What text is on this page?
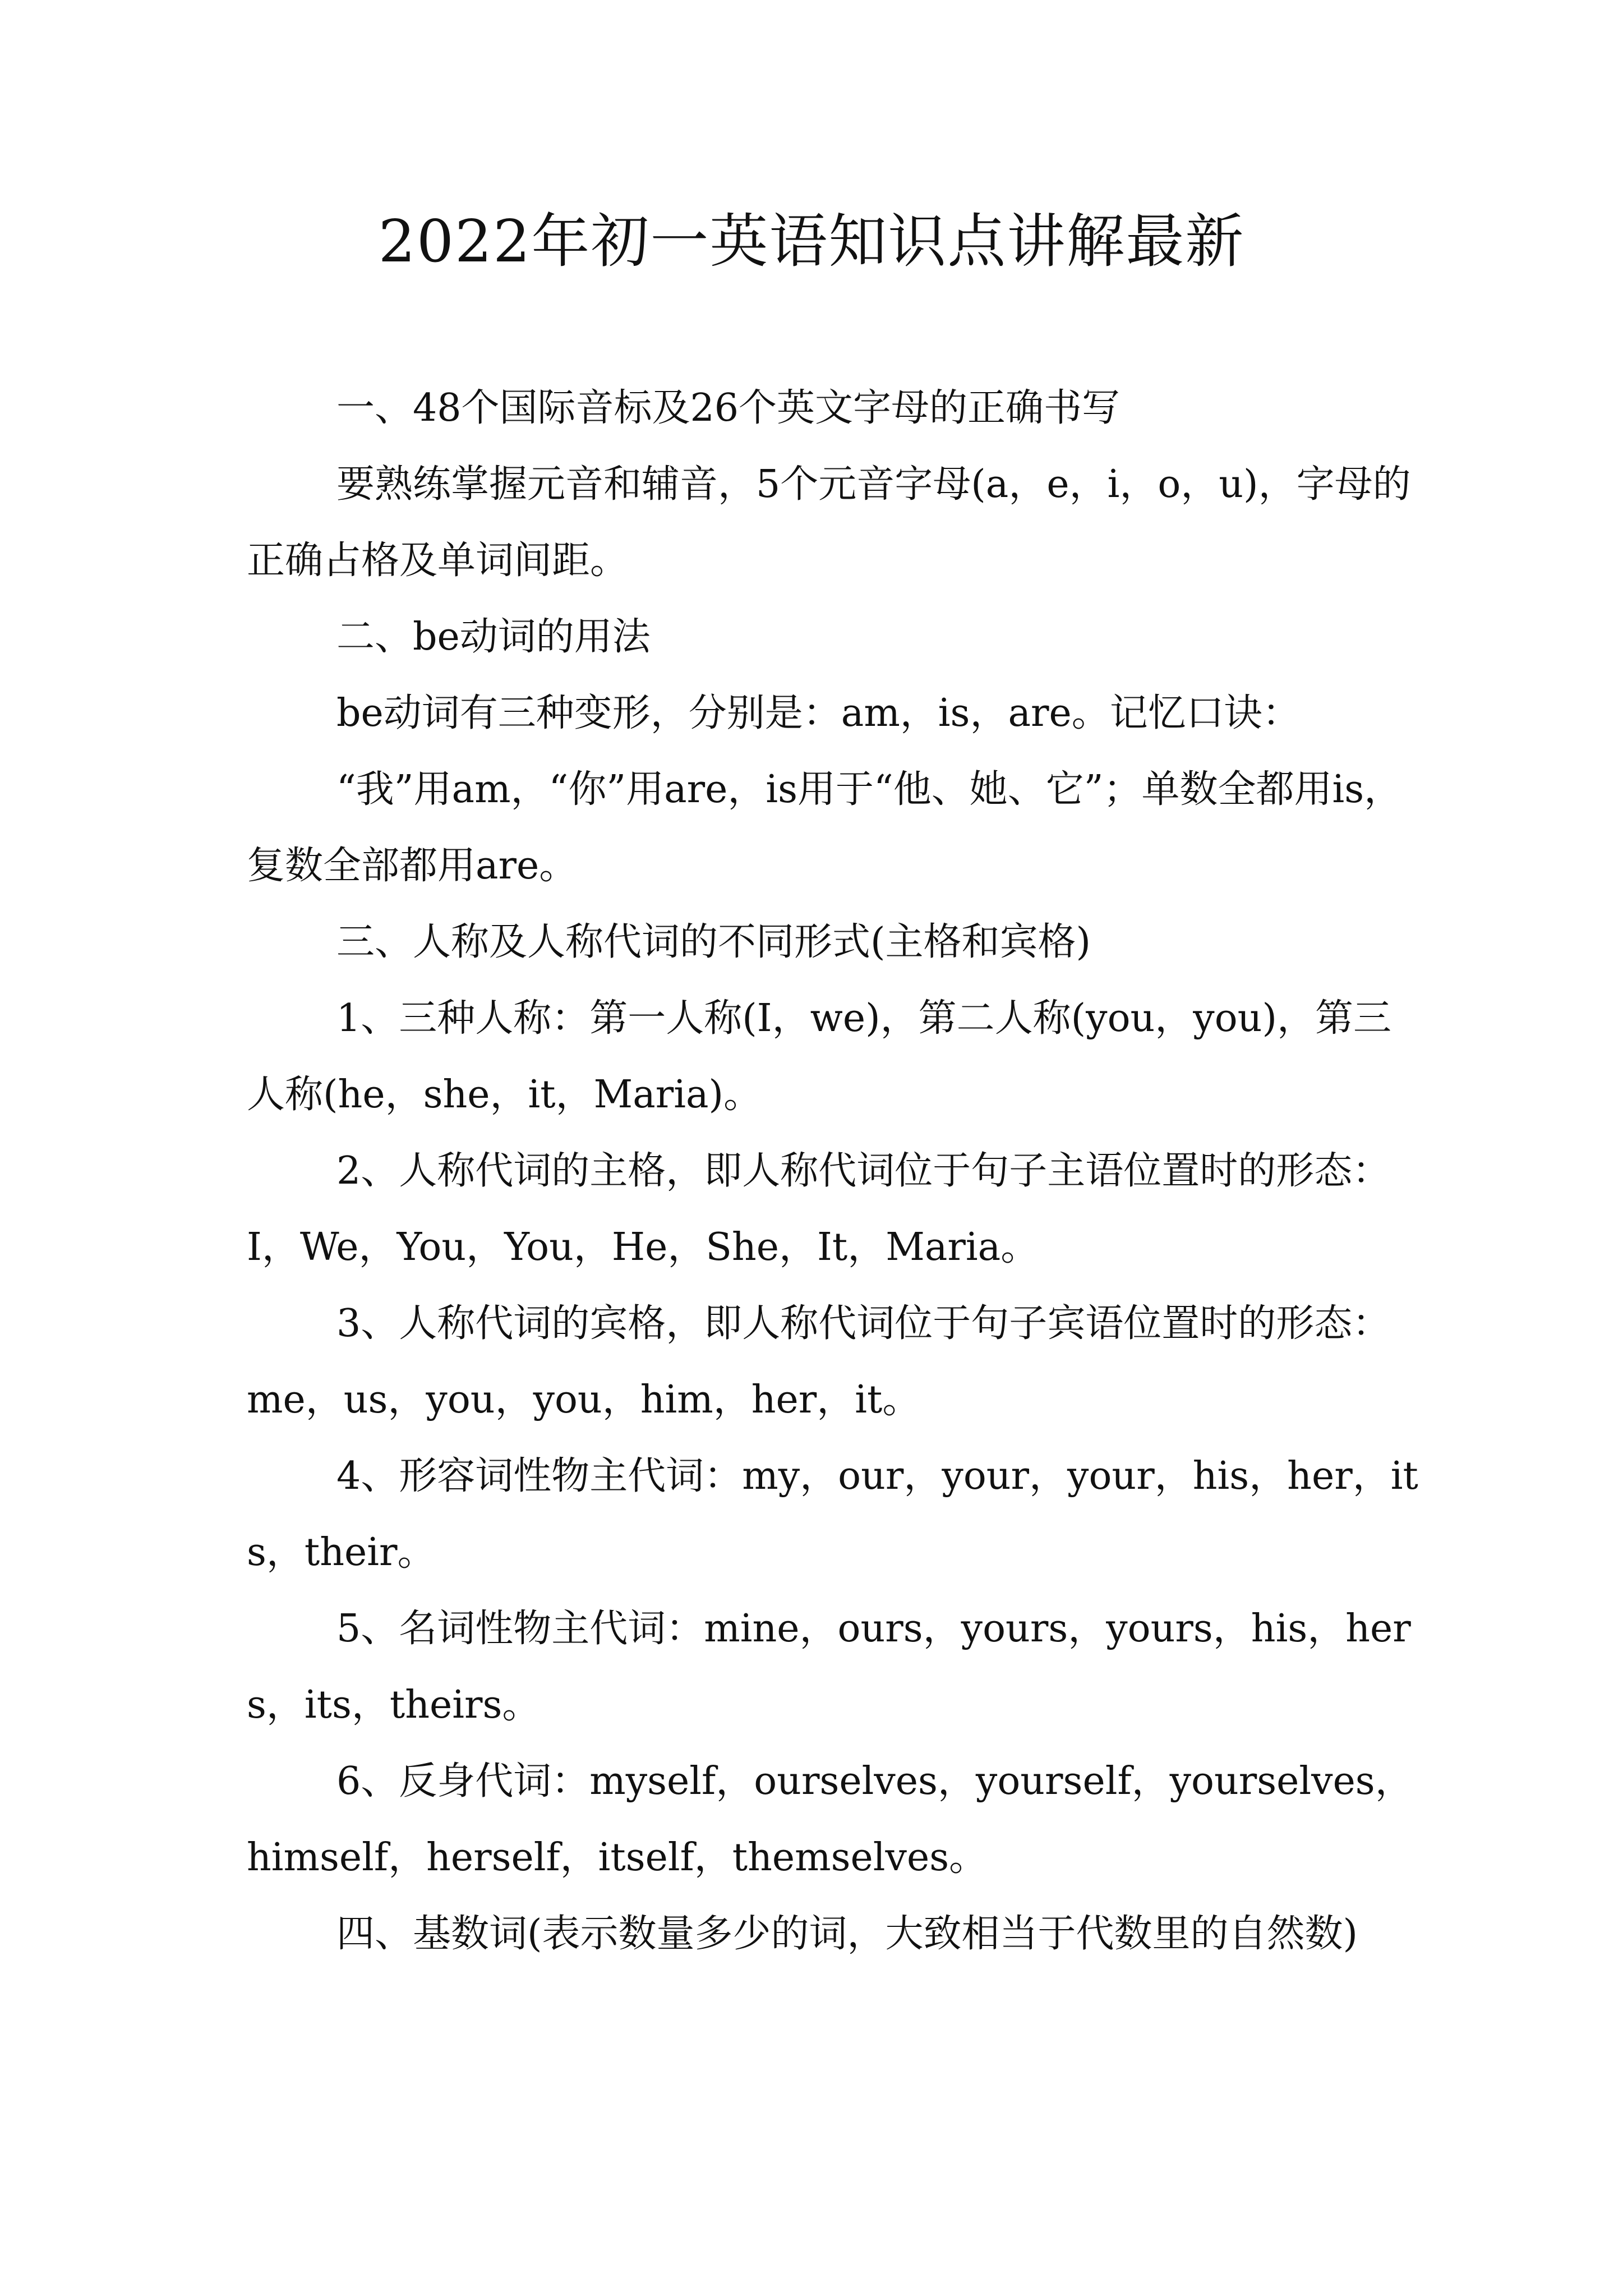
2022年初一英语知识点讲解最新

一、48个国际音标及26个英文字母的正确书写

要熟练掌握元音和辅音，5个元音字母(a，e，i，o，u)，字母的正确占格及单词间距。

二、be动词的用法

be动词有三种变形，分别是：am，is，are。记忆口诀：

“我”用am，“你”用are，is用于“他、她、它”；单数全都用is，复数全部都用are。

三、人称及人称代词的不同形式(主格和宾格)

1、三种人称：第一人称(I，we)，第二人称(you，you)，第三人称(he，she，it，Maria)。

2、人称代词的主格，即人称代词位于句子主语位置时的形态：I，We，You，You，He，She，It，Maria。

3、人称代词的宾格，即人称代词位于句子宾语位置时的形态：me，us，you，you，him，her，it。

4、形容词性物主代词：my，our，your，your，his，her，its，their。

5、名词性物主代词：mine，ours，yours，yours，his，hers，its，theirs。

6、反身代词：myself，ourselves，yourself，yourselves，himself，herself，itself，themselves。

四、基数词(表示数量多少的词，大致相当于代数里的自然数)
